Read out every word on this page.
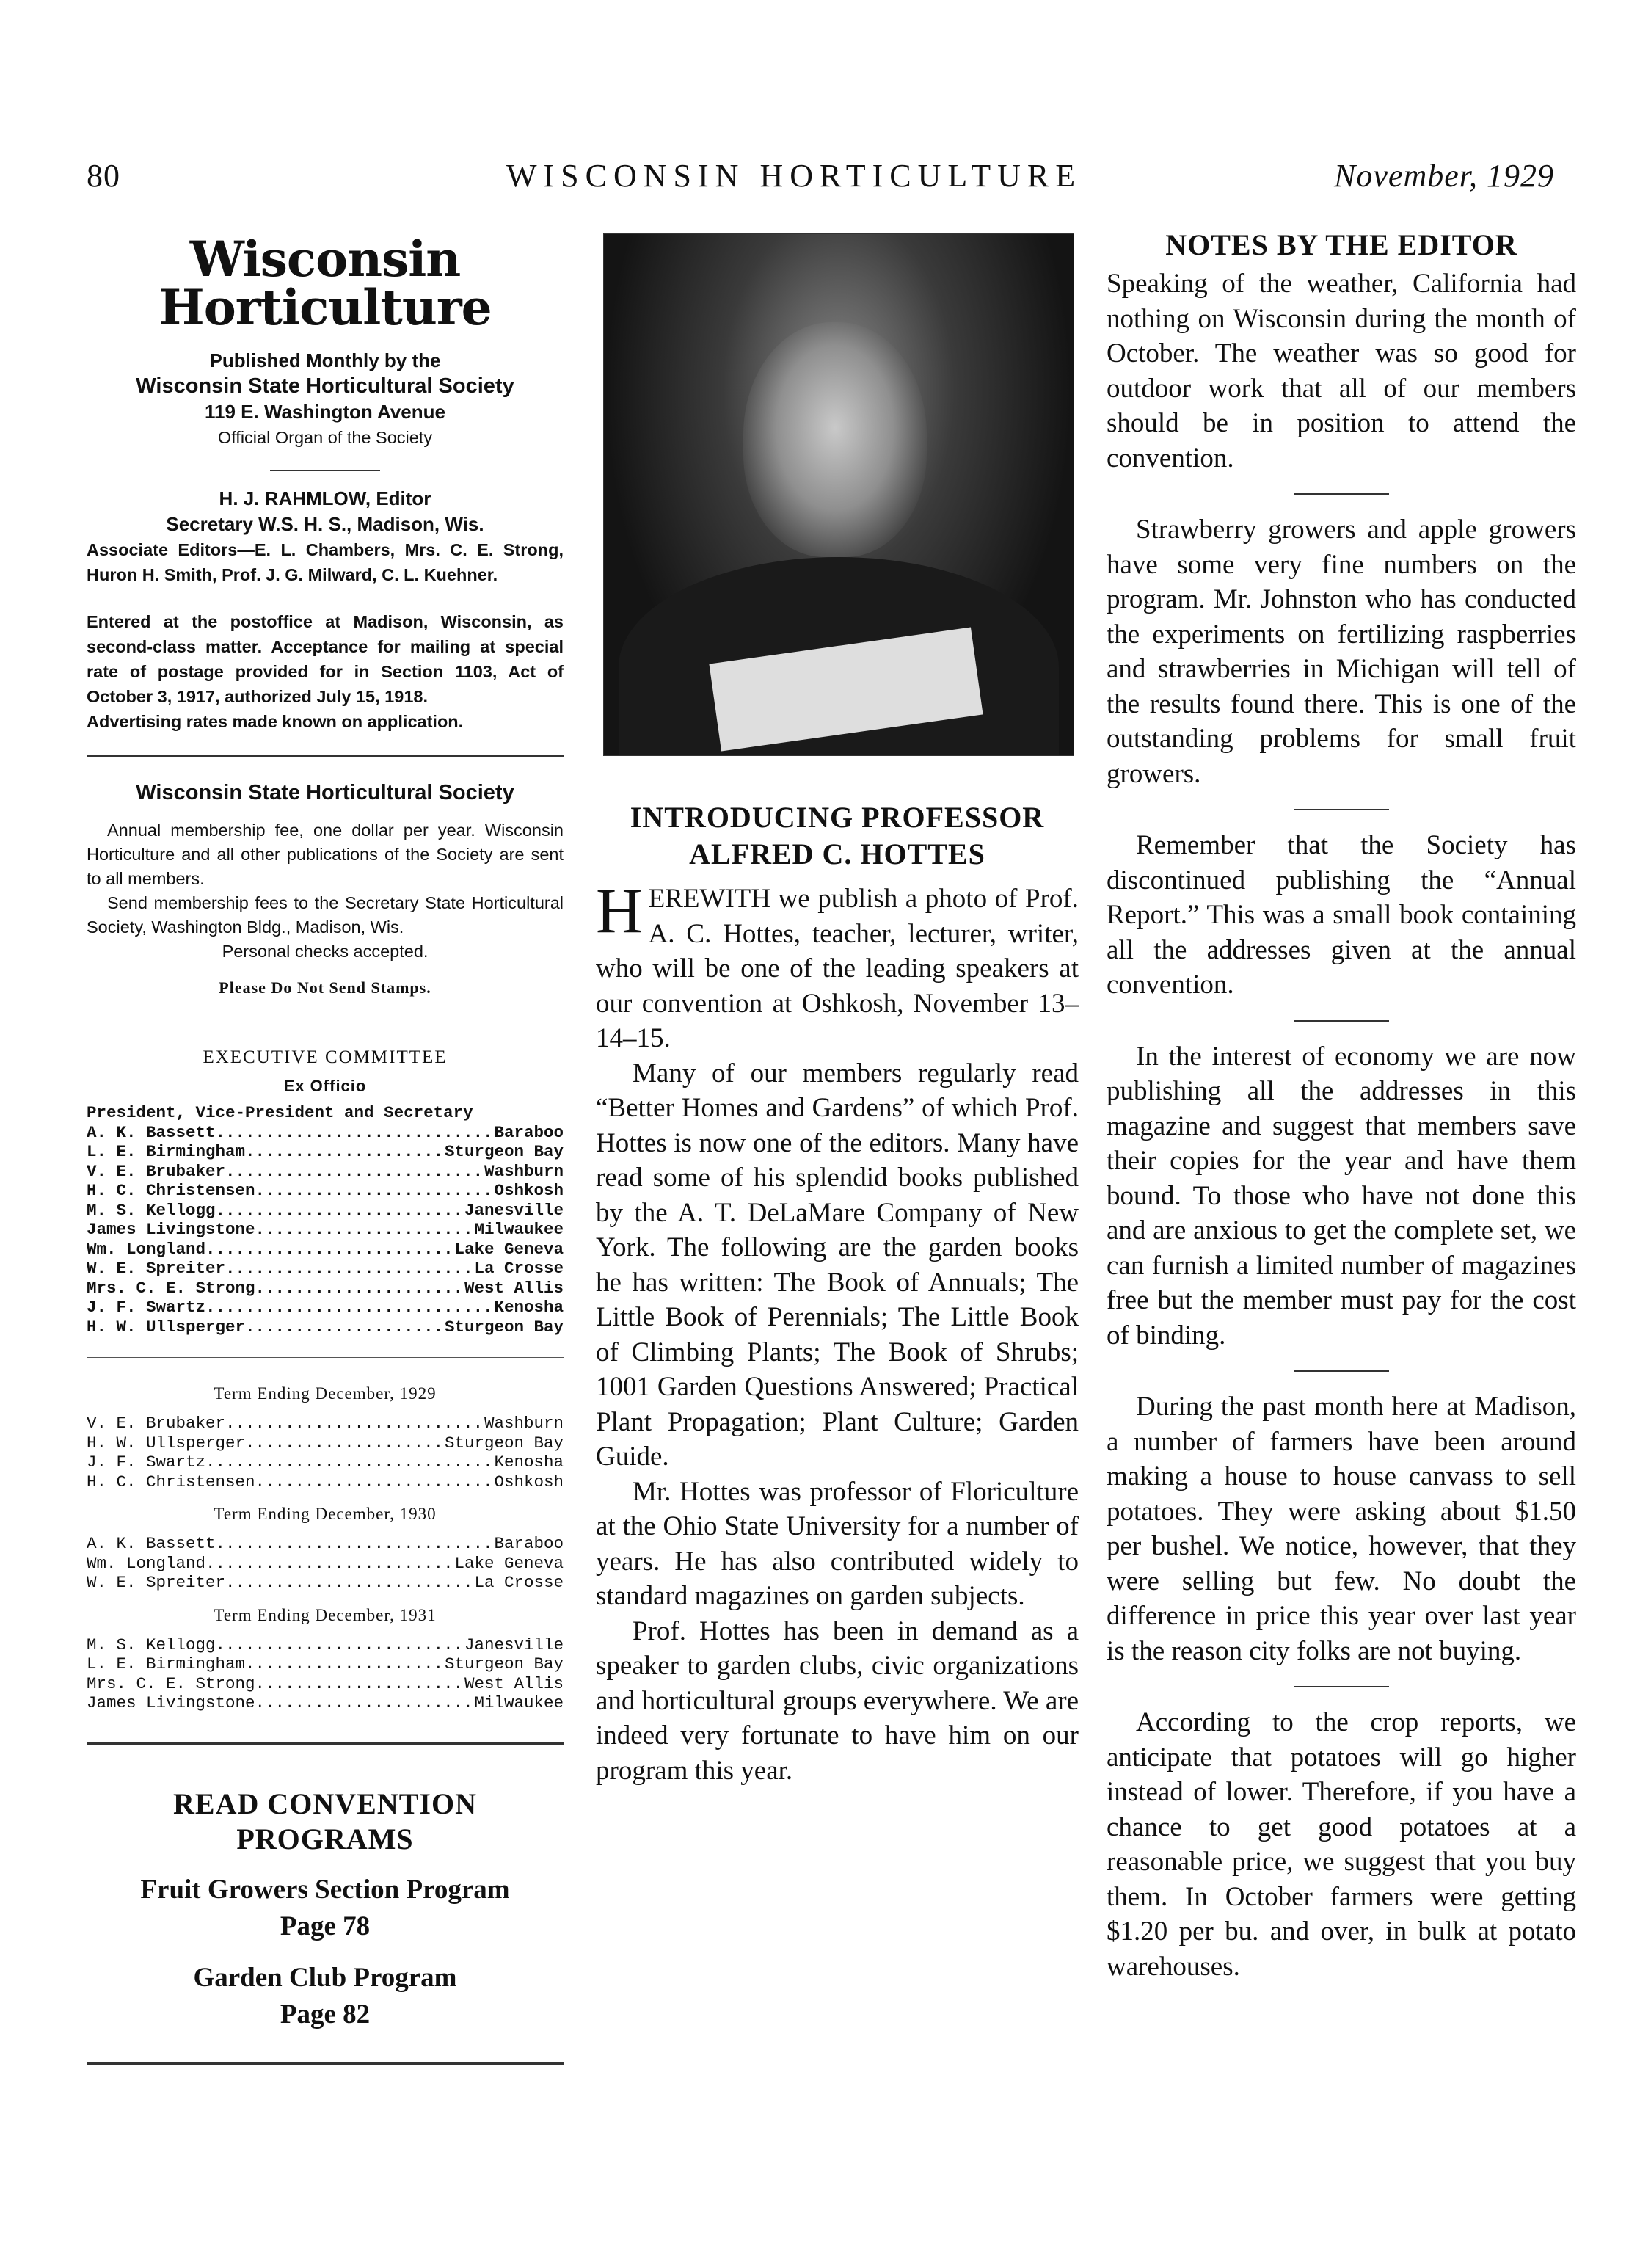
80	WISCONSIN HORTICULTURE	November, 1929
Wisconsin Horticulture
Published Monthly by the
Wisconsin State Horticultural Society
119 E. Washington Avenue
Official Organ of the Society
H. J. RAHMLOW, Editor
Secretary W.S. H. S., Madison, Wis.
Associate Editors—E. L. Chambers, Mrs. C. E. Strong, Huron H. Smith, Prof. J. G. Milward, C. L. Kuehner.
Entered at the postoffice at Madison, Wisconsin, as second-class matter. Acceptance for mailing at special rate of postage provided for in Section 1103, Act of October 3, 1917, authorized July 15, 1918.
Advertising rates made known on application.
Wisconsin State Horticultural Society
Annual membership fee, one dollar per year. Wisconsin Horticulture and all other publications of the Society are sent to all members.
Send membership fees to the Secretary State Horticultural Society, Washington Bldg., Madison, Wis.
Personal checks accepted.
Please Do Not Send Stamps.
EXECUTIVE COMMITTEE
Ex Officio
President, Vice-President and Secretary
A. K. Bassett .....	Baraboo
L. E. Birmingham .....	Sturgeon Bay
V. E. Brubaker .....	Washburn
H. C. Christensen .....	Oshkosh
M. S. Kellogg .....	Janesville
James Livingstone .....	Milwaukee
Wm. Longland .....	Lake Geneva
W. E. Spreiter .....	La Crosse
Mrs. C. E. Strong .....	West Allis
J. F. Swartz .....	Kenosha
H. W. Ullsperger .....	Sturgeon Bay
Term Ending December, 1929
V. E. Brubaker .....	Washburn
H. W. Ullsperger .....	Sturgeon Bay
J. F. Swartz .....	Kenosha
H. C. Christensen .....	Oshkosh
Term Ending December, 1930
A. K. Bassett .....	Baraboo
Wm. Longland .....	Lake Geneva
W. E. Spreiter .....	La Crosse
Term Ending December, 1931
M. S. Kellogg .....	Janesville
L. E. Birmingham .....	Sturgeon Bay
Mrs. C. E. Strong .....	West Allis
James Livingstone .....	Milwaukee
READ CONVENTION PROGRAMS
Fruit Growers Section Program
Page 78
Garden Club Program
Page 82
INTRODUCING PROFESSOR ALFRED C. HOTTES

HEREWITH we publish a photo of Prof. A. C. Hottes, teacher, lecturer, writer, who will be one of the leading speakers at our convention at Oshkosh, November 13–14–15.

Many of our members regularly read “Better Homes and Gardens” of which Prof. Hottes is now one of the editors. Many have read some of his splendid books published by the A. T. DeLaMare Company of New York. The following are the garden books he has written: The Book of Annuals; The Little Book of Perennials; The Little Book of Climbing Plants; The Book of Shrubs; 1001 Garden Questions Answered; Practical Plant Propagation; Plant Culture; Garden Guide.

Mr. Hottes was professor of Floriculture at the Ohio State University for a number of years. He has also contributed widely to standard magazines on garden subjects.

Prof. Hottes has been in demand as a speaker to garden clubs, civic organizations and horticultural groups everywhere. We are indeed very fortunate to have him on our program this year.

NOTES BY THE EDITOR

Speaking of the weather, California had nothing on Wisconsin during the month of October. The weather was so good for outdoor work that all of our members should be in position to attend the convention.

Strawberry growers and apple growers have some very fine numbers on the program. Mr. Johnston who has conducted the experiments on fertilizing raspberries and strawberries in Michigan will tell of the results found there. This is one of the outstanding problems for small fruit growers.

Remember that the Society has discontinued publishing the “Annual Report.” This was a small book containing all the addresses given at the annual convention.

In the interest of economy we are now publishing all the addresses in this magazine and suggest that members save their copies for the year and have them bound. To those who have not done this and are anxious to get the complete set, we can furnish a limited number of magazines free but the member must pay for the cost of binding.

During the past month here at Madison, a number of farmers have been around making a house to house canvass to sell potatoes. They were asking about $1.50 per bushel. We notice, however, that they were selling but few. No doubt the difference in price this year over last year is the reason city folks are not buying.

According to the crop reports, we anticipate that potatoes will go higher instead of lower. Therefore, if you have a chance to get good potatoes at a reasonable price, we suggest that you buy them. In October farmers were getting $1.20 per bu. and over, in bulk at potato warehouses.
